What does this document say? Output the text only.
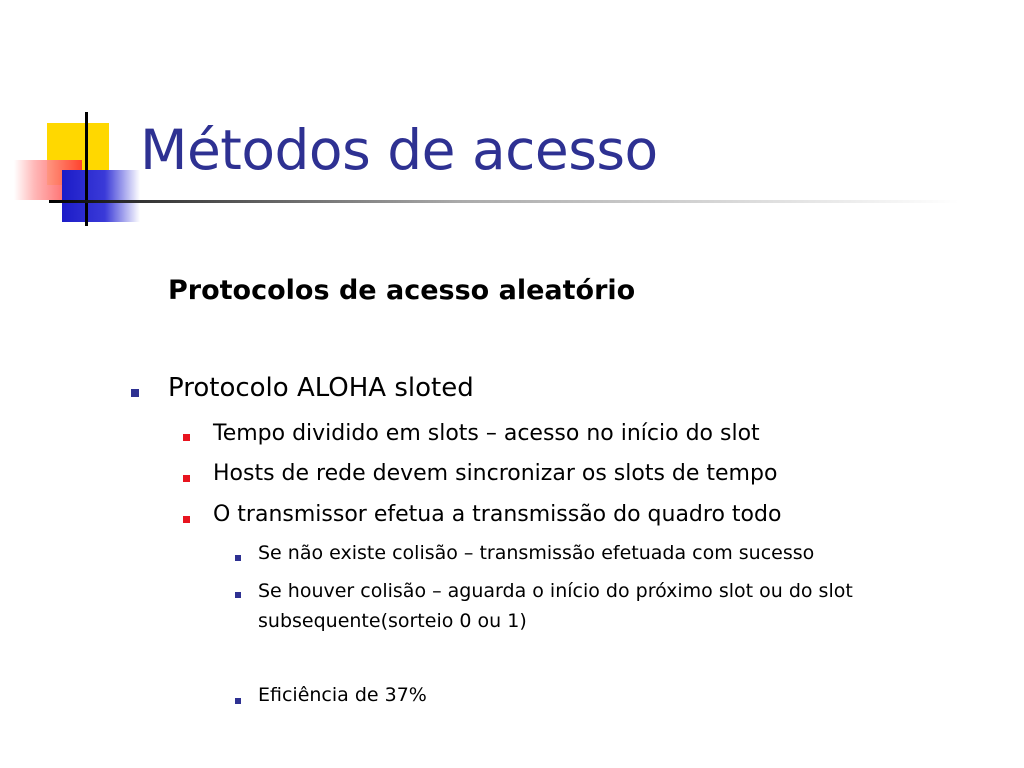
Métodos de acesso
Protocolos de acesso aleatório
Protocolo ALOHA sloted
Tempo dividido em slots – acesso no início do slot
Hosts de rede devem sincronizar os slots de tempo
O transmissor efetua a transmissão do quadro todo
Se não existe colisão – transmissão efetuada com sucesso
Se houver colisão – aguarda o início do próximo slot ou do slot subsequente(sorteio 0 ou 1)
Eficiência de 37%
